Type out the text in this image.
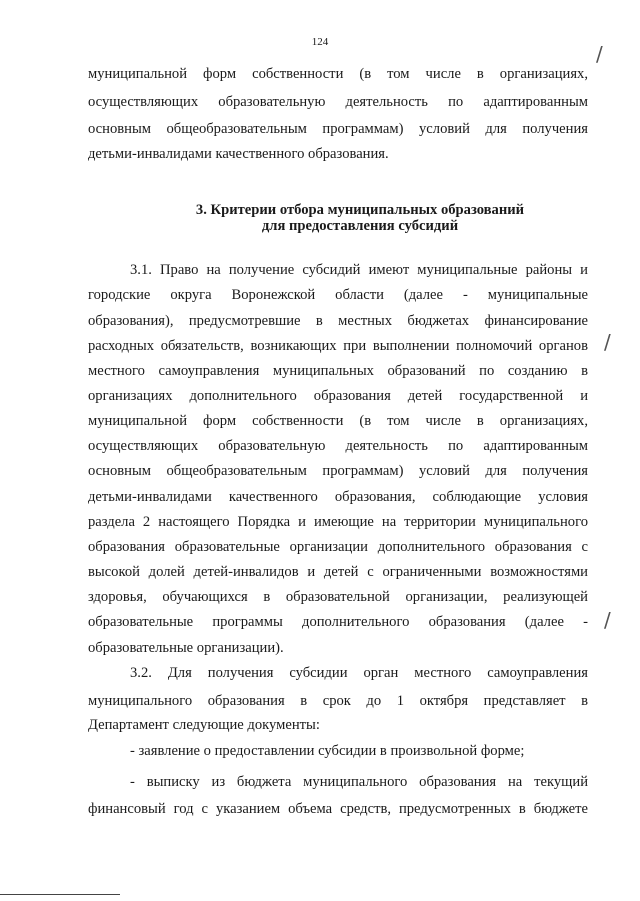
124
муниципальной форм собственности (в том числе в организациях,
осуществляющих образовательную деятельность по адаптированным
основным общеобразовательным программам) условий для получения
детьми-инвалидами качественного образования.
3. Критерии отбора муниципальных образований
для предоставления субсидий
3.1. Право на получение субсидий имеют муниципальные районы и
городские округа Воронежской области (далее - муниципальные
образования), предусмотревшие в местных бюджетах финансирование
расходных обязательств, возникающих при выполнении полномочий органов
местного самоуправления муниципальных образований по созданию в
организациях дополнительного образования детей государственной и
муниципальной форм собственности (в том числе в организациях,
осуществляющих образовательную деятельность по адаптированным
основным общеобразовательным программам) условий для получения
детьми-инвалидами качественного образования, соблюдающие условия
раздела 2 настоящего Порядка и имеющие на территории муниципального
образования образовательные организации дополнительного образования с
высокой долей детей-инвалидов и детей с ограниченными возможностями
здоровья, обучающихся в образовательной организации, реализующей
образовательные программы дополнительного образования (далее -
образовательные организации).
3.2. Для получения субсидии орган местного самоуправления
муниципального образования в срок до 1 октября представляет в
Департамент следующие документы:
- заявление о предоставлении субсидии в произвольной форме;
- выписку из бюджета муниципального образования на текущий
финансовый год с указанием объема средств, предусмотренных в бюджете
/
/
/
